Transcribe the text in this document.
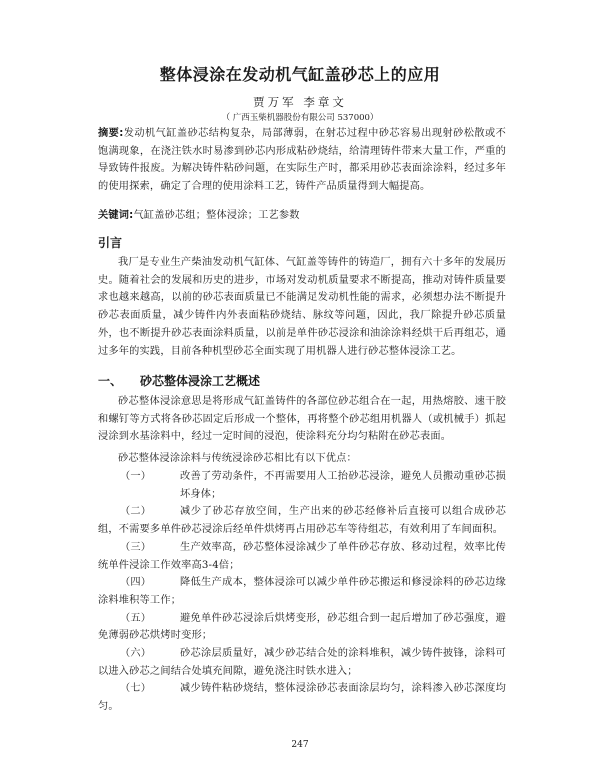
整体浸涂在发动机气缸盖砂芯上的应用
贾万军 李章文
（ 广西玉柴机器股份有限公司 537000）
摘要:发动机气缸盖砂芯结构复杂，局部薄弱，在射芯过程中砂芯容易出现射砂松散或不饱满现象，在浇注铁水时易渗到砂芯内形成粘砂烧结，给清理铸件带来大量工作，严重的导致铸件报废。为解决铸件粘砂问题，在实际生产时，都采用砂芯表面涂涂料，经过多年的使用探索，确定了合理的使用涂料工艺，铸件产品质量得到大幅提高。
关键词:气缸盖砂芯组；整体浸涂；工艺参数
引言
我厂是专业生产柴油发动机气缸体、气缸盖等铸件的铸造厂，拥有六十多年的发展历史。随着社会的发展和历史的进步，市场对发动机质量要求不断提高，推动对铸件质量要求也越来越高，以前的砂芯表面质量已不能满足发动机性能的需求，必须想办法不断提升砂芯表面质量，减少铸件内外表面粘砂烧结、脉纹等问题，因此，我厂除提升砂芯质量外，也不断提升砂芯表面涂料质量，以前是单件砂芯浸涂和油涂涂料经烘干后再组芯，通过多年的实践，目前各种机型砂芯全面实现了用机器人进行砂芯整体浸涂工艺。
一、 砂芯整体浸涂工艺概述
砂芯整体浸涂意思是将形成气缸盖铸件的各部位砂芯组合在一起，用热熔胶、速干胶和螺钉等方式将各砂芯固定后形成一个整体，再将整个砂芯组用机器人（或机械手）抓起浸涂到水基涂料中，经过一定时间的浸泡，使涂料充分均匀粘附在砂芯表面。
砂芯整体浸涂涂料与传统浸涂砂芯相比有以下优点：
（一）	改善了劳动条件，不再需要用人工抬砂芯浸涂，避免人员搬动重砂芯损坏身体；
（二）	减少了砂芯存放空间，生产出来的砂芯经修补后直接可以组合成砂芯组，不需要多单件砂芯浸涂后经单件烘烤再占用砂芯车等待组芯，有效利用了车间面积。
（三）	生产效率高，砂芯整体浸涂减少了单件砂芯存放、移动过程，效率比传统单件浸涂工作效率高3-4倍；
（四）	降低生产成本，整体浸涂可以减少单件砂芯搬运和修浸涂料的砂芯边缘涂料堆积等工作；
（五）	避免单件砂芯浸涂后烘烤变形，砂芯组合到一起后增加了砂芯强度，避免薄弱砂芯烘烤时变形；
（六）	砂芯涂层质量好，减少砂芯结合处的涂料堆积，减少铸件披锋，涂料可以进入砂芯之间结合处填充间隙，避免浇注时铁水进入；
（七）	减少铸件粘砂烧结，整体浸涂砂芯表面涂层均匀，涂料渗入砂芯深度均匀。
247
